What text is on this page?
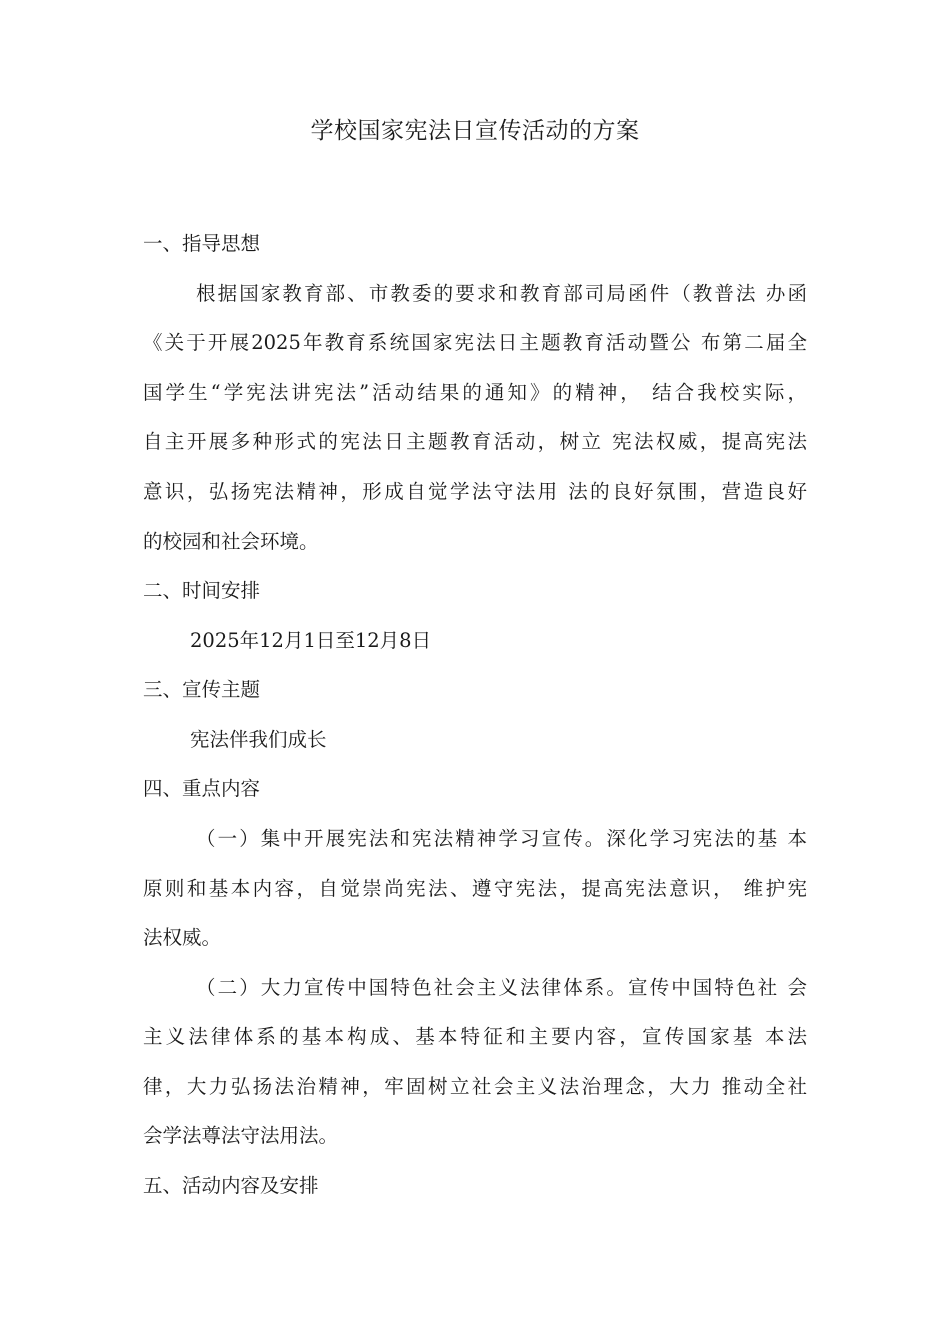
学校国家宪法日宣传活动的方案
一、指导思想
根据国家教育部、市教委的要求和教育部司局函件（教普法 办函
《关于开展2025年教育系统国家宪法日主题教育活动暨公 布第二届全
国学生“学宪法讲宪法”活动结果的通知》的精神， 结合我校实际，
自主开展多种形式的宪法日主题教育活动，树立 宪法权威，提高宪法
意识，弘扬宪法精神，形成自觉学法守法用 法的良好氛围，营造良好
的校园和社会环境。
二、时间安排
2025年12月1日至12月8日
三、宣传主题
宪法伴我们成长
四、重点内容
（一）集中开展宪法和宪法精神学习宣传。深化学习宪法的基 本
原则和基本内容，自觉崇尚宪法、遵守宪法，提高宪法意识， 维护宪
法权威。
（二）大力宣传中国特色社会主义法律体系。宣传中国特色社 会
主义法律体系的基本构成、基本特征和主要内容，宣传国家基 本法
律，大力弘扬法治精神，牢固树立社会主义法治理念，大力 推动全社
会学法尊法守法用法。
五、活动内容及安排
